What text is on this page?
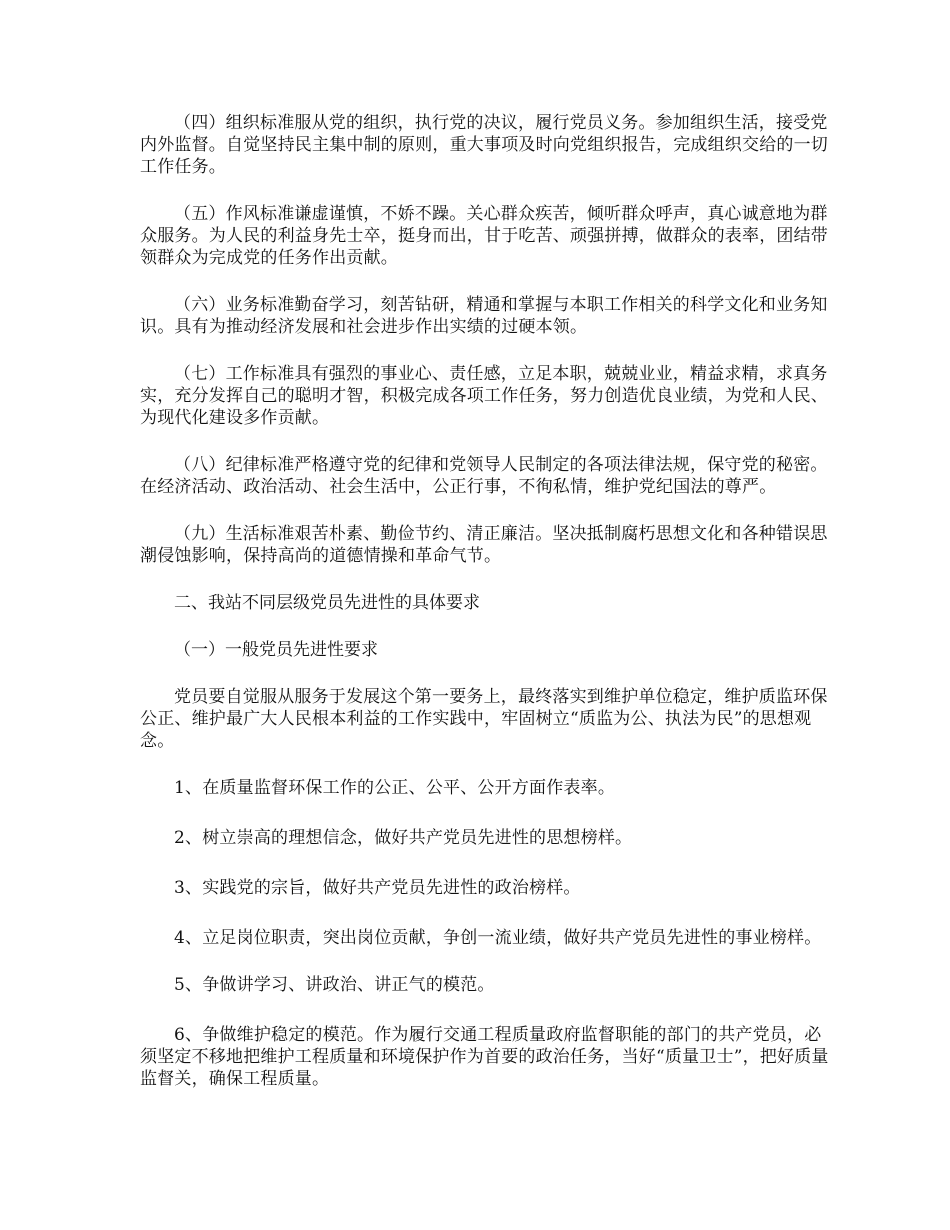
（四）组织标准服从党的组织，执行党的决议，履行党员义务。参加组织生活，接受党内外监督。自觉坚持民主集中制的原则，重大事项及时向党组织报告，完成组织交给的一切工作任务。

（五）作风标准谦虚谨慎，不娇不躁。关心群众疾苦，倾听群众呼声，真心诚意地为群众服务。为人民的利益身先士卒，挺身而出，甘于吃苦、顽强拼搏，做群众的表率，团结带领群众为完成党的任务作出贡献。

（六）业务标准勤奋学习，刻苦钻研，精通和掌握与本职工作相关的科学文化和业务知识。具有为推动经济发展和社会进步作出实绩的过硬本领。

（七）工作标准具有强烈的事业心、责任感，立足本职，兢兢业业，精益求精，求真务实，充分发挥自己的聪明才智，积极完成各项工作任务，努力创造优良业绩，为党和人民、为现代化建设多作贡献。

（八）纪律标准严格遵守党的纪律和党领导人民制定的各项法律法规，保守党的秘密。在经济活动、政治活动、社会生活中，公正行事，不徇私情，维护党纪国法的尊严。

（九）生活标准艰苦朴素、勤俭节约、清正廉洁。坚决抵制腐朽思想文化和各种错误思潮侵蚀影响，保持高尚的道德情操和革命气节。

二、我站不同层级党员先进性的具体要求

（一）一般党员先进性要求

党员要自觉服从服务于发展这个第一要务上，最终落实到维护单位稳定，维护质监环保公正、维护最广大人民根本利益的工作实践中，牢固树立“质监为公、执法为民”的思想观念。

1、在质量监督环保工作的公正、公平、公开方面作表率。

2、树立崇高的理想信念，做好共产党员先进性的思想榜样。

3、实践党的宗旨，做好共产党员先进性的政治榜样。

4、立足岗位职责，突出岗位贡献，争创一流业绩，做好共产党员先进性的事业榜样。

5、争做讲学习、讲政治、讲正气的模范。

6、争做维护稳定的模范。作为履行交通工程质量政府监督职能的部门的共产党员，必须坚定不移地把维护工程质量和环境保护作为首要的政治任务，当好“质量卫士”，把好质量监督关，确保工程质量。
